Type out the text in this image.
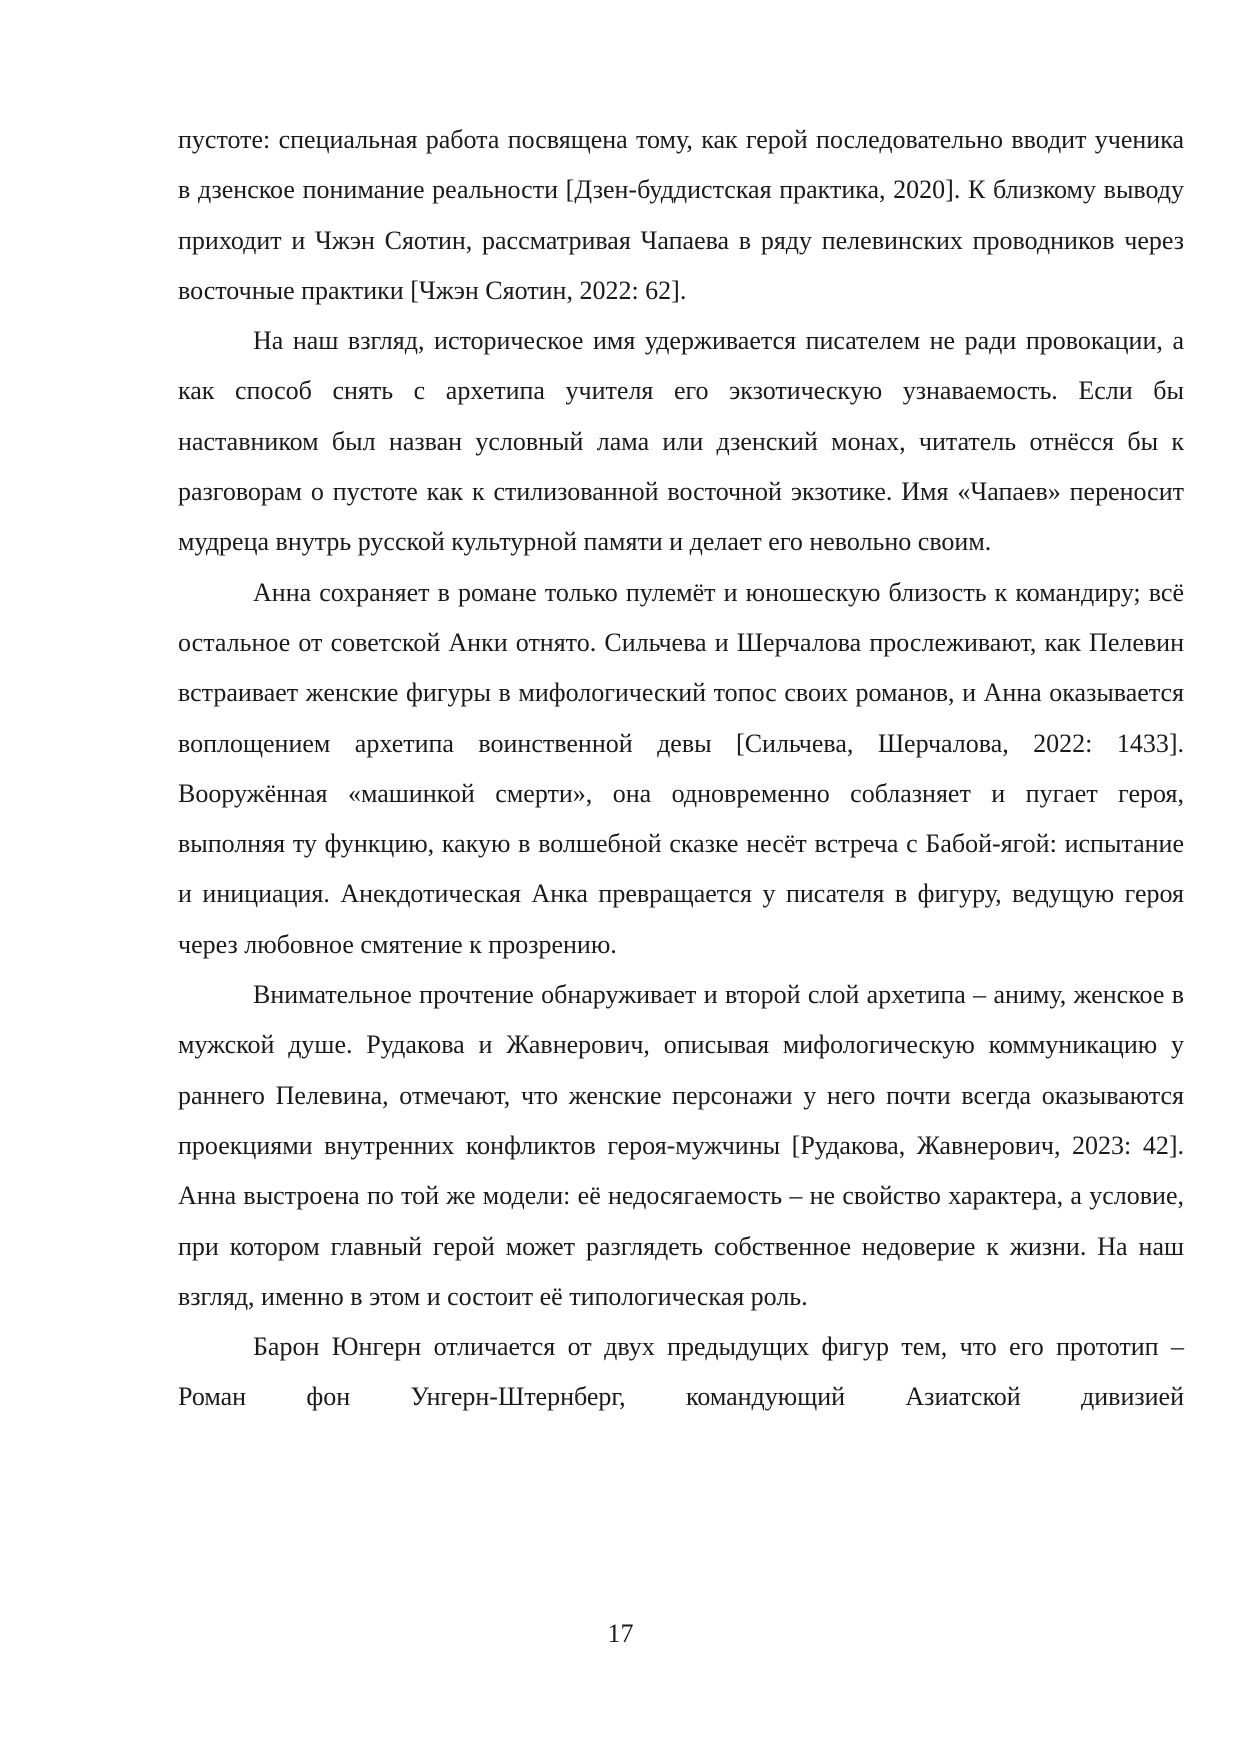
пустоте: специальная работа посвящена тому, как герой последовательно вводит ученика в дзенское понимание реальности [Дзен-буддистская практика, 2020]. К близкому выводу приходит и Чжэн Сяотин, рассматривая Чапаева в ряду пелевинских проводников через восточные практики [Чжэн Сяотин, 2022: 62].

На наш взгляд, историческое имя удерживается писателем не ради провокации, а как способ снять с архетипа учителя его экзотическую узнаваемость. Если бы наставником был назван условный лама или дзенский монах, читатель отнёсся бы к разговорам о пустоте как к стилизованной восточной экзотике. Имя «Чапаев» переносит мудреца внутрь русской культурной памяти и делает его невольно своим.

Анна сохраняет в романе только пулемёт и юношескую близость к командиру; всё остальное от советской Анки отнято. Сильчева и Шерчалова прослеживают, как Пелевин встраивает женские фигуры в мифологический топос своих романов, и Анна оказывается воплощением архетипа воинственной девы [Сильчева, Шерчалова, 2022: 1433]. Вооружённая «машинкой смерти», она одновременно соблазняет и пугает героя, выполняя ту функцию, какую в волшебной сказке несёт встреча с Бабой-ягой: испытание и инициация. Анекдотическая Анка превращается у писателя в фигуру, ведущую героя через любовное смятение к прозрению.

Внимательное прочтение обнаруживает и второй слой архетипа – аниму, женское в мужской душе. Рудакова и Жавнерович, описывая мифологическую коммуникацию у раннего Пелевина, отмечают, что женские персонажи у него почти всегда оказываются проекциями внутренних конфликтов героя-мужчины [Рудакова, Жавнерович, 2023: 42]. Анна выстроена по той же модели: её недосягаемость – не свойство характера, а условие, при котором главный герой может разглядеть собственное недоверие к жизни. На наш взгляд, именно в этом и состоит её типологическая роль.

Барон Юнгерн отличается от двух предыдущих фигур тем, что его прототип – Роман фон Унгерн-Штернберг, командующий Азиатской дивизией

17
